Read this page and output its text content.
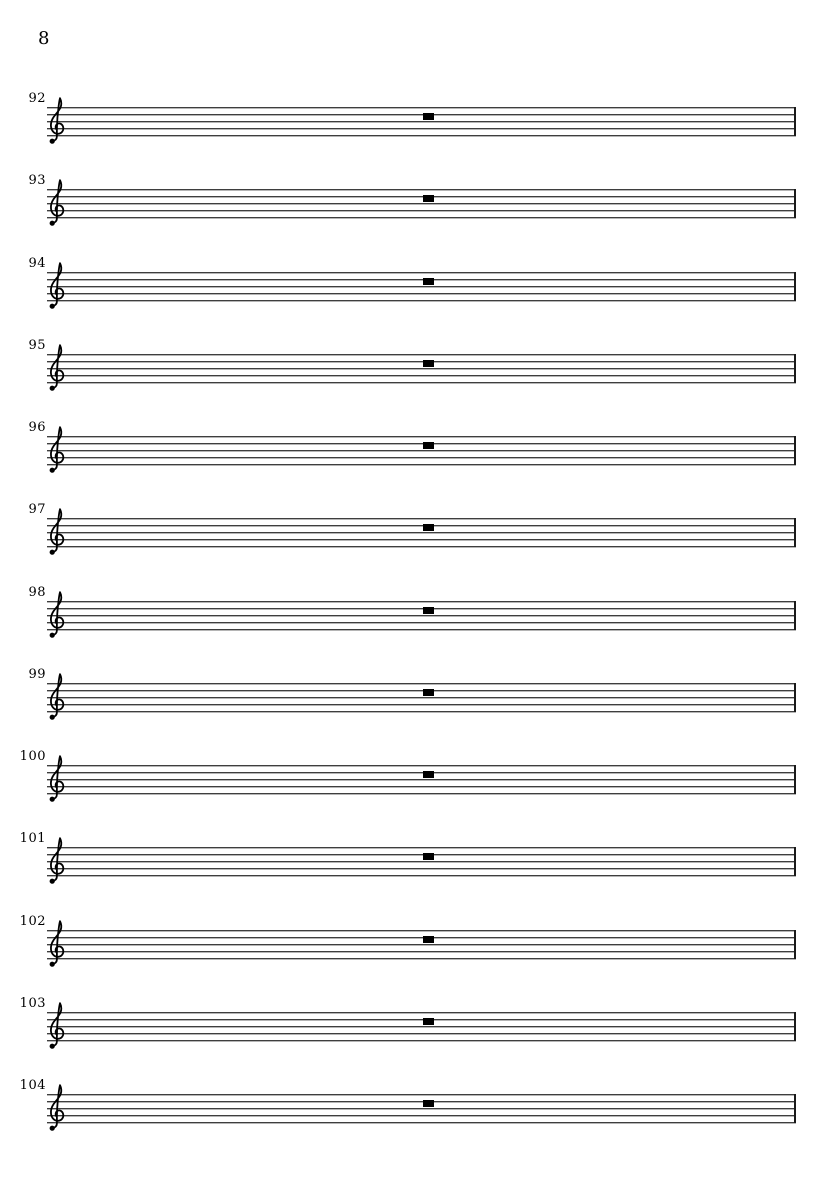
8
92
93
94
95
96
97
98
99
100
101
102
103
104
